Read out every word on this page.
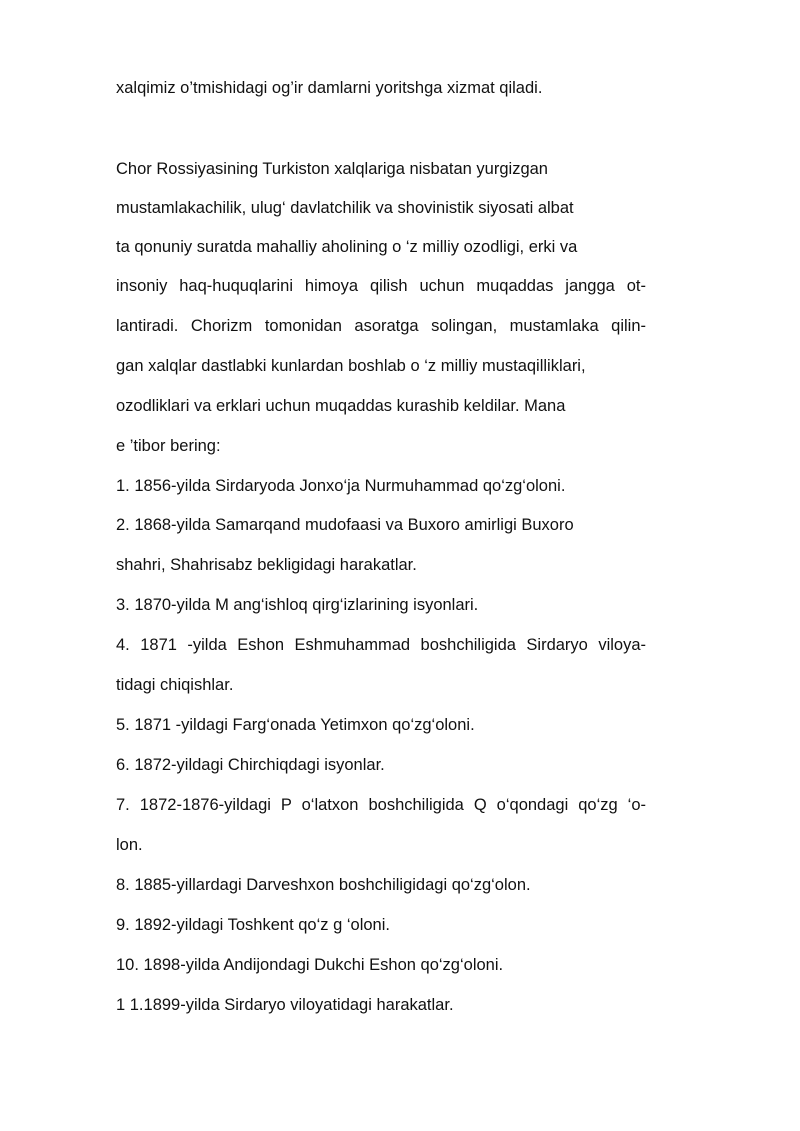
xalqimiz o’tmishidagi og’ir damlarni yoritshga xizmat qiladi.
Chor Rossiyasining Turkiston xalqlariga nisbatan yurgizgan
mustamlakachilik, ulug‘ davlatchilik va shovinistik siyosati albat
ta qonuniy suratda mahalliy aholining o ‘z milliy ozodligi, erki va
insoniy haq-huquqlarini himoya qilish uchun muqaddas jangga ot-
lantiradi. Chorizm tomonidan asoratga solingan, mustamlaka qilin-
gan xalqlar dastlabki kunlardan boshlab o ‘z milliy mustaqilliklari,
ozodliklari va erklari uchun muqaddas kurashib keldilar. Mana
e ’tibor bering:
1. 1856-yilda Sirdaryoda Jonxo‘ja Nurmuhammad qo‘zg‘oloni.
2. 1868-yilda Samarqand mudofaasi va Buxoro amirligi Buxoro
shahri, Shahrisabz bekligidagi harakatlar.
3. 1870-yilda M ang‘ishloq qirg‘izlarining isyonlari.
4. 1871 -yilda Eshon Eshmuhammad boshchiligida Sirdaryo viloya-
tidagi chiqishlar.
5. 1871 -yildagi Farg‘onada Yetimxon qo‘zg‘oloni.
6. 1872-yildagi Chirchiqdagi isyonlar.
7. 1872-1876-yildagi P o‘latxon boshchiligida Q o‘qondagi qo‘zg ‘o-
lon.
8. 1885-yillardagi Darveshxon boshchiligidagi qo‘zg‘olon.
9. 1892-yildagi Toshkent qo‘z g ‘oloni.
10. 1898-yilda Andijondagi Dukchi Eshon qo‘zg‘oloni.
1 1.1899-yilda Sirdaryo viloyatidagi harakatlar.
